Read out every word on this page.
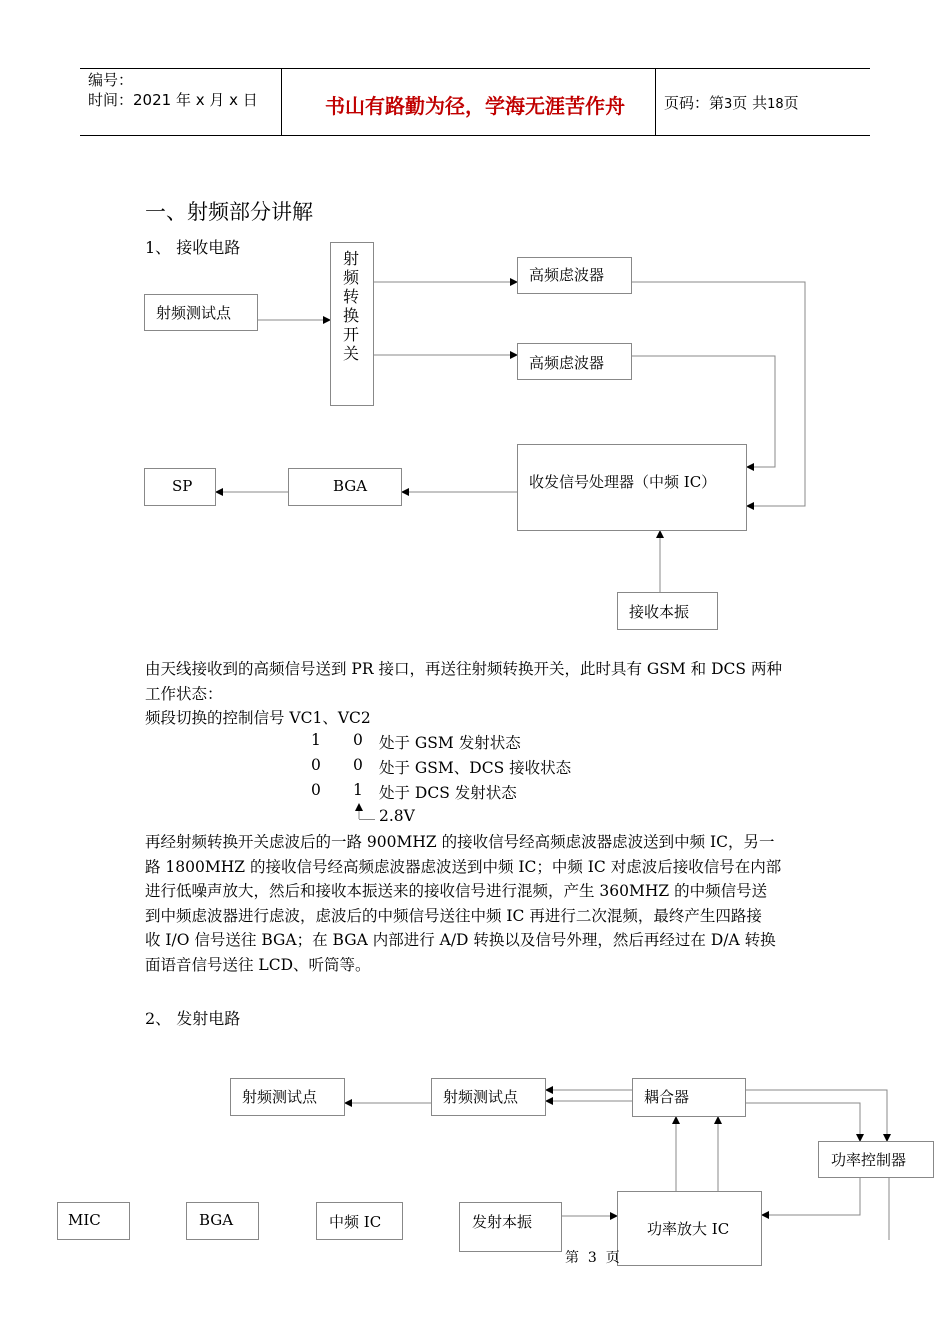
编号：
时间：2021 年 x 月 x 日	书山有路勤为径，学海无涯苦作舟	页码：第3页 共18页
一、射频部分讲解
1、 接收电路
射频测试点
射
频
转
换
开
关
高频虑波器
高频虑波器
收发信号处理器（中频 IC）
SP	BGA
接收本振
由天线接收到的高频信号送到 PR 接口，再送往射频转换开关，此时具有 GSM 和 DCS 两种
工作状态：
频段切换的控制信号 VC1、VC2
1 0 处于 GSM 发射状态
0 0 处于 GSM、DCS 接收状态
0 1 处于 DCS 发射状态
2.8V
再经射频转换开关虑波后的一路 900MHZ 的接收信号经高频虑波器虑波送到中频 IC，另一
路 1800MHZ 的接收信号经高频虑波器虑波送到中频 IC；中频 IC 对虑波后接收信号在内部
进行低噪声放大，然后和接收本振送来的接收信号进行混频，产生 360MHZ 的中频信号送
到中频虑波器进行虑波，虑波后的中频信号送往中频 IC 再进行二次混频，最终产生四路接
收 I/O 信号送往 BGA；在 BGA 内部进行 A/D 转换以及信号外理，然后再经过在 D/A 转换
面语音信号送往 LCD、听筒等。
2、 发射电路
射频测试点	射频测试点	耦合器
功率控制器
MIC	BGA	中频 IC	发射本振	功率放大 IC
第  3  页
